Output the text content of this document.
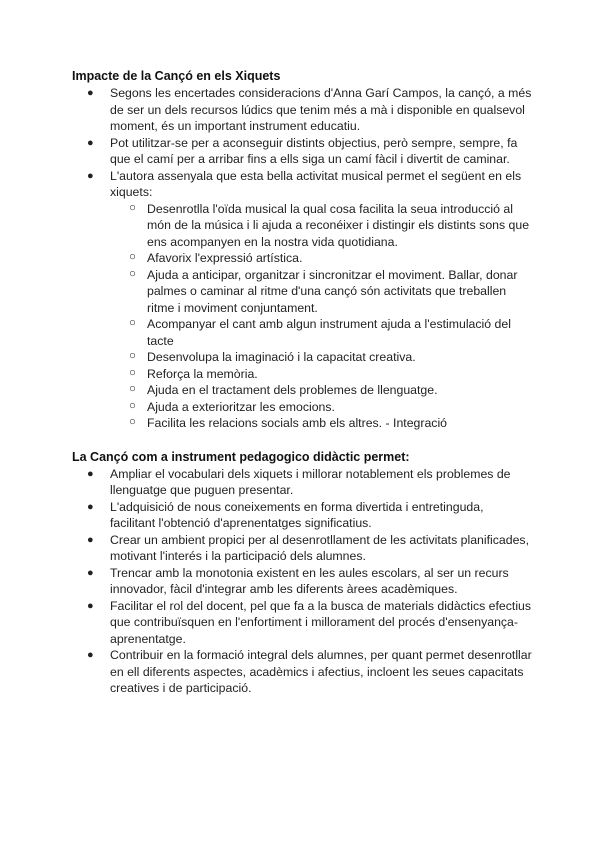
Impacte de la Cançó en els Xiquets
● Segons les encertades consideracions d'Anna Garí Campos, la cançó, a més de ser un dels recursos lúdics que tenim més a mà i disponible en qualsevol moment, és un important instrument educatiu.
● Pot utilitzar-se per a aconseguir distints objectius, però sempre, sempre, fa que el camí per a arribar fins a ells siga un camí fàcil i divertit de caminar.
● L'autora assenyala que esta bella activitat musical permet el següent en els xiquets:
○ Desenrotlla l'oïda musical la qual cosa facilita la seua introducció al món de la música i li ajuda a reconéixer i distingir els distints sons que ens acompanyen en la nostra vida quotidiana.
○ Afavorix l'expressió artística.
○ Ajuda a anticipar, organitzar i sincronitzar el moviment. Ballar, donar palmes o caminar al ritme d'una cançó són activitats que treballen ritme i moviment conjuntament.
○ Acompanyar el cant amb algun instrument ajuda a l'estimulació del tacte
○ Desenvolupa la imaginació i la capacitat creativa.
○ Reforça la memòria.
○ Ajuda en el tractament dels problemes de llenguatge.
○ Ajuda a exterioritzar les emocions.
○ Facilita les relacions socials amb els altres. - Integració
La Cançó com a instrument pedagogico didàctic permet:
● Ampliar el vocabulari dels xiquets i millorar notablement els problemes de llenguatge que puguen presentar.
● L'adquisició de nous coneixements en forma divertida i entretinguda, facilitant l'obtenció d'aprenentatges significatius.
● Crear un ambient propici per al desenrotllament de les activitats planificades, motivant l'interés i la participació dels alumnes.
● Trencar amb la monotonia existent en les aules escolars, al ser un recurs innovador, fàcil d'integrar amb les diferents àrees acadèmiques.
● Facilitar el rol del docent, pel que fa a la busca de materials didàctics efectius que contribuïsquen en l'enfortiment i millorament del procés d'ensenyança-aprenentatge.
● Contribuir en la formació integral dels alumnes, per quant permet desenrotllar en ell diferents aspectes, acadèmics i afectius, incloent les seues capacitats creatives i de participació.
